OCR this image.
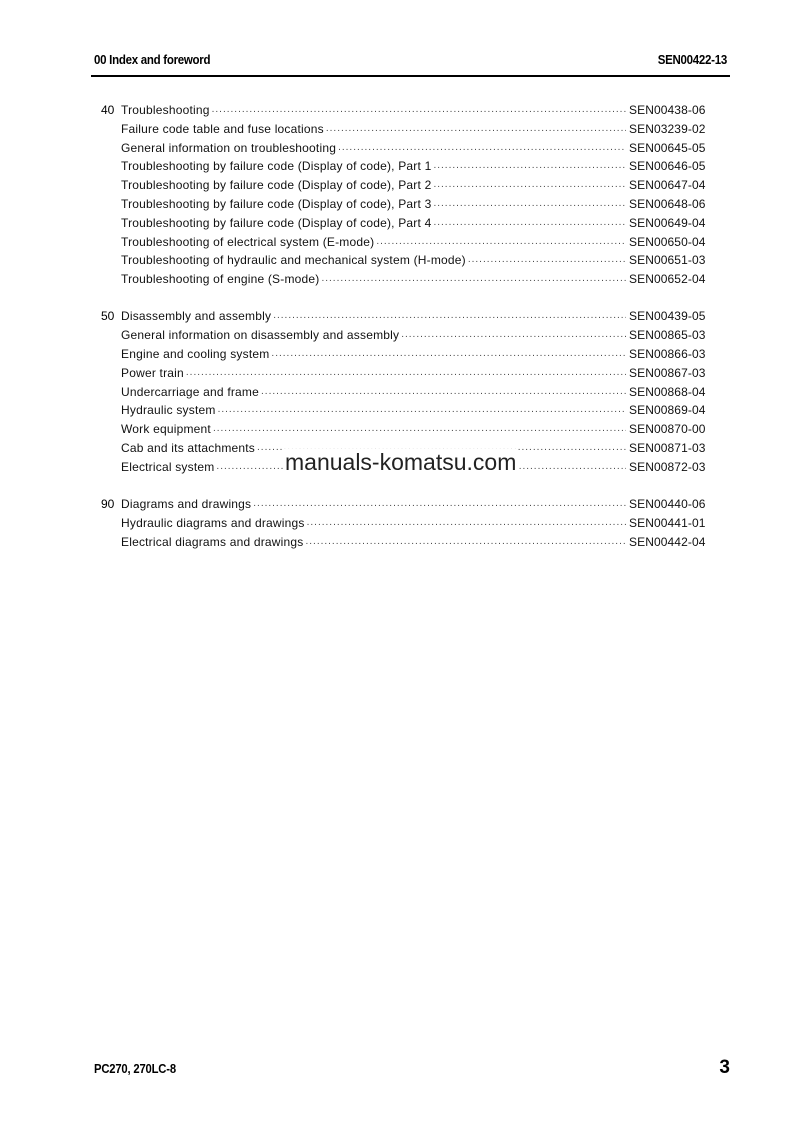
00 Index and foreword	SEN00422-13
40 Troubleshooting .....	SEN00438-06
Failure code table and fuse locations .....	SEN03239-02
General information on troubleshooting .....	SEN00645-05
Troubleshooting by failure code (Display of code), Part 1 .....	SEN00646-05
Troubleshooting by failure code (Display of code), Part 2 .....	SEN00647-04
Troubleshooting by failure code (Display of code), Part 3 .....	SEN00648-06
Troubleshooting by failure code (Display of code), Part 4 .....	SEN00649-04
Troubleshooting of electrical system (E-mode) .....	SEN00650-04
Troubleshooting of hydraulic and mechanical system (H-mode) .....	SEN00651-03
Troubleshooting of engine (S-mode) .....	SEN00652-04
50 Disassembly and assembly .....	SEN00439-05
General information on disassembly and assembly .....	SEN00865-03
Engine and cooling system .....	SEN00866-03
Power train .....	SEN00867-03
Undercarriage and frame .....	SEN00868-04
Hydraulic system .....	SEN00869-04
Work equipment .....	SEN00870-00
Cab and its attachments .....	SEN00871-03
Electrical system .....	SEN00872-03
90 Diagrams and drawings .....	SEN00440-06
Hydraulic diagrams and drawings .....	SEN00441-01
Electrical diagrams and drawings .....	SEN00442-04
manuals-komatsu.com
PC270, 270LC-8	3
